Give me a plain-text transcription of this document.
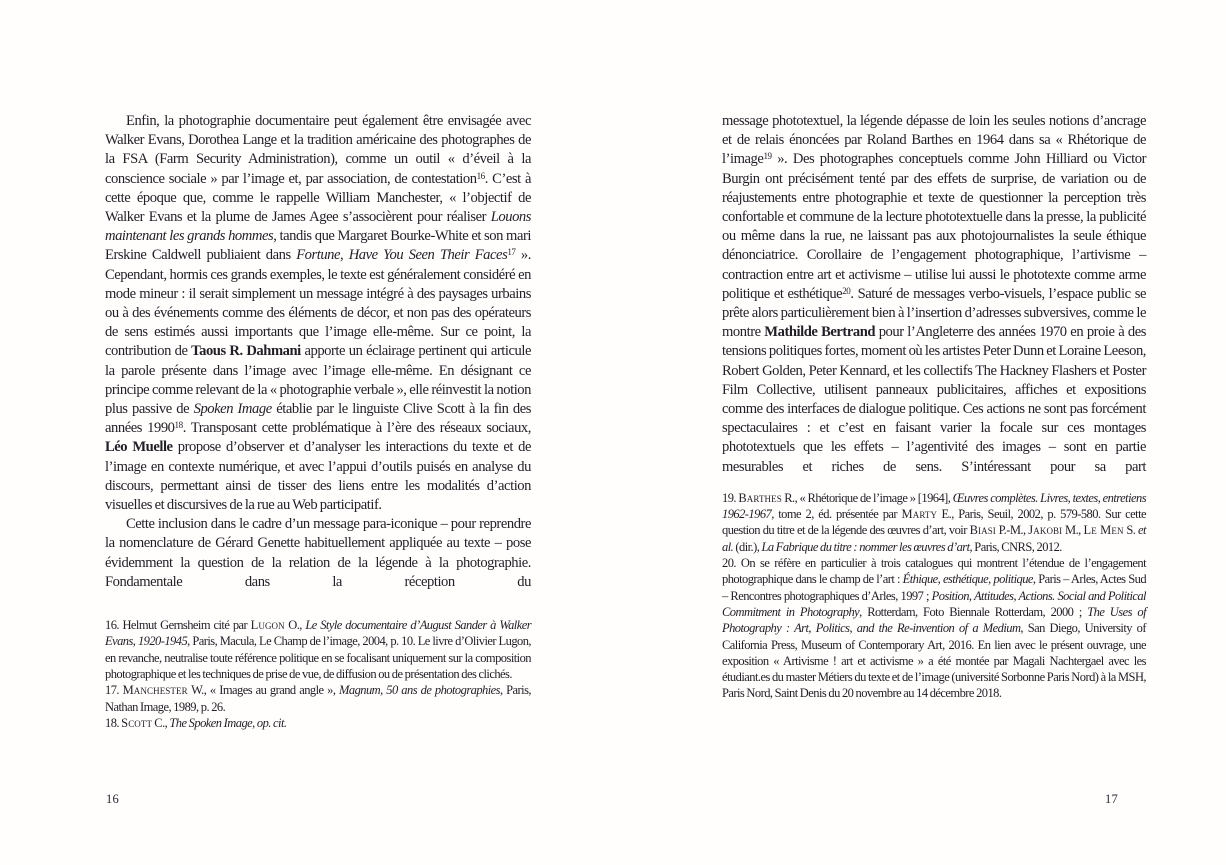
Enfin, la photographie documentaire peut également être envisagée avec Walker Evans, Dorothea Lange et la tradition américaine des photographes de la FSA (Farm Security Administration), comme un outil « d’éveil à la conscience sociale » par l’image et, par association, de contestation$^{16}$. C’est à cette époque que, comme le rappelle William Manchester, « l’objectif de Walker Evans et la plume de James Agee s’associèrent pour réaliser Louons maintenant les grands hommes, tandis que Margaret Bourke-White et son mari Erskine Caldwell publiaient dans Fortune, Have You Seen Their Faces$^{17}$ ». Cependant, hormis ces grands exemples, le texte est généralement considéré en mode mineur : il serait simplement un message intégré à des paysages urbains ou à des événements comme des éléments de décor, et non pas des opérateurs de sens estimés aussi importants que l’image elle-même. Sur ce point, la contribution de Taous R. Dahmani apporte un éclairage pertinent qui articule la parole présente dans l’image avec l’image elle-même. En désignant ce principe comme relevant de la « photographie verbale », elle réinvestit la notion plus passive de Spoken Image établie par le linguiste Clive Scott à la fin des années 1990$^{18}$. Transposant cette problématique à l’ère des réseaux sociaux, Léo Muelle propose d’observer et d’analyser les interactions du texte et de l’image en contexte numérique, et avec l’appui d’outils puisés en analyse du discours, permettant ainsi de tisser des liens entre les modalités d’action visuelles et discursives de la rue au Web participatif.

Cette inclusion dans le cadre d’un message para-iconique – pour reprendre la nomenclature de Gérard Genette habituellement appliquée au texte – pose évidemment la question de la relation de la légende à la photographie. Fondamentale dans la réception du

16. Helmut Gernsheim cité par Lugon O., Le Style documentaire d’August Sander à Walker Evans, 1920-1945, Paris, Macula, Le Champ de l’image, 2004, p. 10. Le livre d’Olivier Lugon, en revanche, neutralise toute référence politique en se focalisant uniquement sur la composition photographique et les techniques de prise de vue, de diffusion ou de présentation des clichés.

17. Manchester W., « Images au grand angle », Magnum, 50 ans de photographies, Paris, Nathan Image, 1989, p. 26.

18. Scott C., The Spoken Image, op. cit.

message phototextuel, la légende dépasse de loin les seules notions d’ancrage et de relais énoncées par Roland Barthes en 1964 dans sa « Rhétorique de l’image$^{19}$ ». Des photographes conceptuels comme John Hilliard ou Victor Burgin ont précisément tenté par des effets de surprise, de variation ou de réajustements entre photographie et texte de questionner la perception très confortable et commune de la lecture phototextuelle dans la presse, la publicité ou même dans la rue, ne laissant pas aux photojournalistes la seule éthique dénonciatrice. Corollaire de l’engagement photographique, l’artivisme – contraction entre art et activisme – utilise lui aussi le phototexte comme arme politique et esthétique$^{20}$. Saturé de messages verbo-visuels, l’espace public se prête alors particulièrement bien à l’insertion d’adresses subversives, comme le montre Mathilde Bertrand pour l’Angleterre des années 1970 en proie à des tensions politiques fortes, moment où les artistes Peter Dunn et Loraine Leeson, Robert Golden, Peter Kennard, et les collectifs The Hackney Flashers et Poster Film Collective, utilisent panneaux publicitaires, affiches et expositions comme des interfaces de dialogue politique. Ces actions ne sont pas forcément spectaculaires : et c’est en faisant varier la focale sur ces montages phototextuels que les effets – l’agentivité des images – sont en partie mesurables et riches de sens. S’intéressant pour sa part

19. Barthes R., « Rhétorique de l’image » [1964], Œuvres complètes. Livres, textes, entretiens 1962-1967, tome 2, éd. présentée par Marty E., Paris, Seuil, 2002, p. 579-580. Sur cette question du titre et de la légende des œuvres d’art, voir Biasi P.-M., Jakobi M., Le Men S. et al. (dir.), La Fabrique du titre : nommer les œuvres d’art, Paris, CNRS, 2012.

20. On se réfère en particulier à trois catalogues qui montrent l’étendue de l’engagement photographique dans le champ de l’art : Éthique, esthétique, politique, Paris – Arles, Actes Sud – Rencontres photographiques d’Arles, 1997 ; Position, Attitudes, Actions. Social and Political Commitment in Photography, Rotterdam, Foto Biennale Rotterdam, 2000 ; The Uses of Photography : Art, Politics, and the Re-invention of a Medium, San Diego, University of California Press, Museum of Contemporary Art, 2016. En lien avec le présent ouvrage, une exposition « Artivisme ! art et activisme » a été montée par Magali Nachtergael avec les étudiant.es du master Métiers du texte et de l’image (université Sorbonne Paris Nord) à la MSH, Paris Nord, Saint Denis du 20 novembre au 14 décembre 2018.

16	17
